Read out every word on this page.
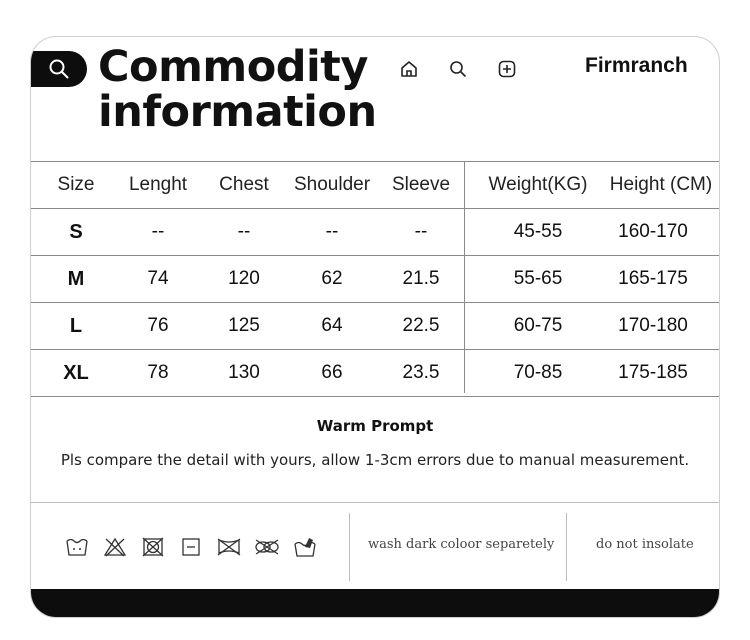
Commodity
information
Firmranch
Size	Lenght	Chest	Shoulder	Sleeve	Weight(KG)	Height (CM)
S	--	--	--	--	45-55	160-170
M	74	120	62	21.5	55-65	165-175
L	76	125	64	22.5	60-75	170-180
XL	78	130	66	23.5	70-85	175-185
Warm Prompt
Pls compare the detail with yours, allow 1-3cm errors due to manual measurement.
wash dark coloor separetely	do not insolate
